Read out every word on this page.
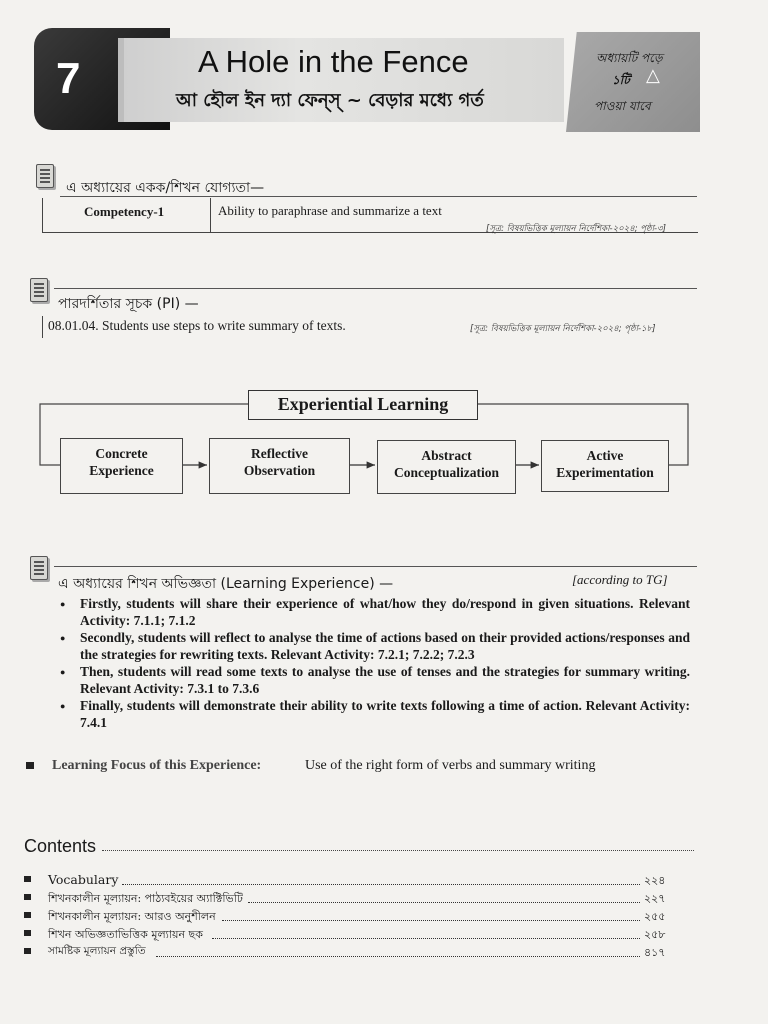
7	A Hole in the Fence
আ হৌল ইন দ্যা ফেন্স্ ~ বেড়ার মধ্যে গর্ত
অধ্যায়টি পড়ে
১টি △
পাওয়া যাবে
এ অধ্যায়ের একক/শিখন যোগ্যতা—
Competency-1	Ability to paraphrase and summarize a text
[সূত্র: বিষয়ভিত্তিক মূল্যায়ন নির্দেশিকা-২০২৪; পৃষ্ঠা-৩]
পারদর্শিতার সূচক (PI) —
08.01.04. Students use steps to write summary of texts.	[সূত্র: বিষয়ভিত্তিক মূল্যায়ন নির্দেশিকা-২০২৪; পৃষ্ঠা-১৮]
Experiential Learning
Concrete
Experience
Reflective
Observation
Abstract
Conceptualization
Active
Experimentation
এ অধ্যায়ের শিখন অভিজ্ঞতা (Learning Experience) —	[according to TG]
● Firstly, students will share their experience of what/how they do/respond in given situations. Relevant Activity: 7.1.1; 7.1.2
● Secondly, students will reflect to analyse the time of actions based on their provided actions/responses and the strategies for rewriting texts. Relevant Activity: 7.2.1; 7.2.2; 7.2.3
● Then, students will read some texts to analyse the use of tenses and the strategies for summary writing. Relevant Activity: 7.3.1 to 7.3.6
● Finally, students will demonstrate their ability to write texts following a time of action. Relevant Activity: 7.4.1
Learning Focus of this Experience:	Use of the right form of verbs and summary writing
Contents
Vocabulary	২২৪
শিখনকালীন মূল্যায়ন: পাঠ্যবইয়ের অ্যাক্টিভিটি	২২৭
শিখনকালীন মূল্যায়ন: আরও অনুশীলন	২৫৫
শিখন অভিজ্ঞতাভিত্তিক মূল্যায়ন ছক	২৫৮
সামষ্টিক মূল্যায়ন প্রস্তুতি	৪১৭
